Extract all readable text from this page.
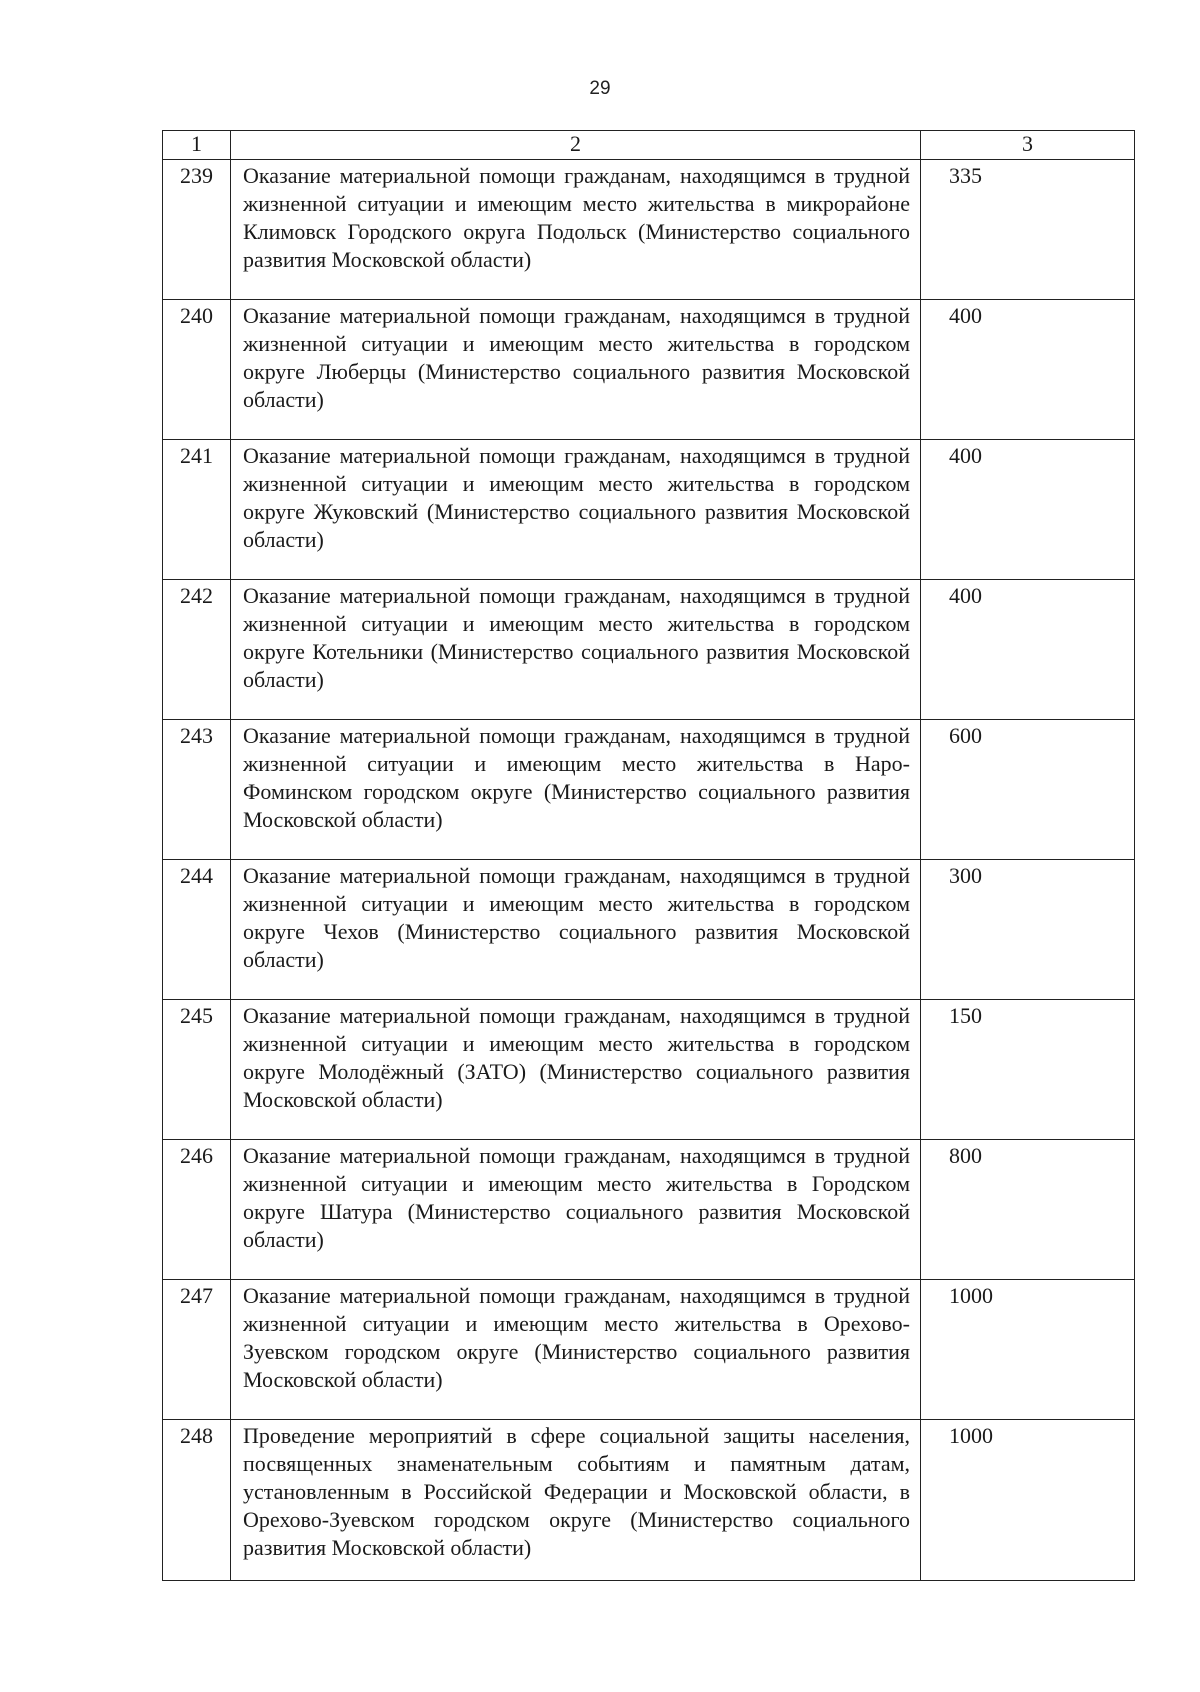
29
1	2	3
239	Оказание материальной помощи гражданам, находящимся в трудной жизненной ситуации и имеющим место жительства в микрорайоне Климовск Городского округа Подольск (Министерство социального развития Московской области)	335
240	Оказание материальной помощи гражданам, находящимся в трудной жизненной ситуации и имеющим место жительства в городском округе Люберцы (Министерство социального развития Московской области)	400
241	Оказание материальной помощи гражданам, находящимся в трудной жизненной ситуации и имеющим место жительства в городском округе Жуковский (Министерство социального развития Московской области)	400
242	Оказание материальной помощи гражданам, находящимся в трудной жизненной ситуации и имеющим место жительства в городском округе Котельники (Министерство социального развития Московской области)	400
243	Оказание материальной помощи гражданам, находящимся в трудной жизненной ситуации и имеющим место жительства в Наро-Фоминском городском округе (Министерство социального развития Московской области)	600
244	Оказание материальной помощи гражданам, находящимся в трудной жизненной ситуации и имеющим место жительства в городском округе Чехов (Министерство социального развития Московской области)	300
245	Оказание материальной помощи гражданам, находящимся в трудной жизненной ситуации и имеющим место жительства в городском округе Молодёжный (ЗАТО) (Министерство социального развития Московской области)	150
246	Оказание материальной помощи гражданам, находящимся в трудной жизненной ситуации и имеющим место жительства в Городском округе Шатура (Министерство социального развития Московской области)	800
247	Оказание материальной помощи гражданам, находящимся в трудной жизненной ситуации и имеющим место жительства в Орехово-Зуевском городском округе (Министерство социального развития Московской области)	1000
248	Проведение мероприятий в сфере социальной защиты населения, посвященных знаменательным событиям и памятным датам, установленным в Российской Федерации и Московской области, в Орехово-Зуевском городском округе (Министерство социального развития Московской области)	1000
